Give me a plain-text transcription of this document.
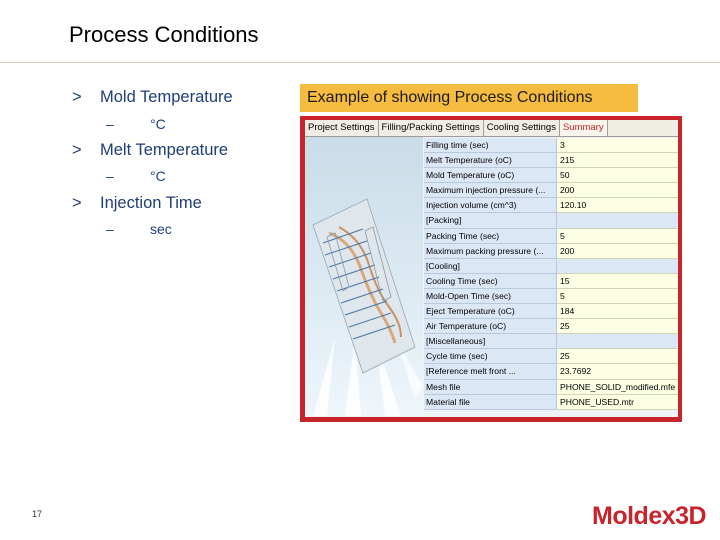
Process Conditions
> Mold Temperature
–	°C
> Melt Temperature
–	°C
> Injection Time
–	sec
Example of showing Process Conditions
Project Settings Filling/Packing Settings Cooling Settings Summary
Filling time (sec)	3
Melt Temperature (oC)	215
Mold Temperature (oC)	50
Maximum injection pressure (...	200
Injection volume (cm^3)	120.10
[Packing]
Packing Time (sec)	5
Maximum packing pressure (...	200
[Cooling]
Cooling Time (sec)	15
Mold-Open Time (sec)	5
Eject Temperature (oC)	184
Air Temperature (oC)	25
[Miscellaneous]
Cycle time (sec)	25
[Reference melt front ...	23.7692
Mesh file	PHONE_SOLID_modified.mfe
Material file	PHONE_USED.mtr
17	Moldex3D
